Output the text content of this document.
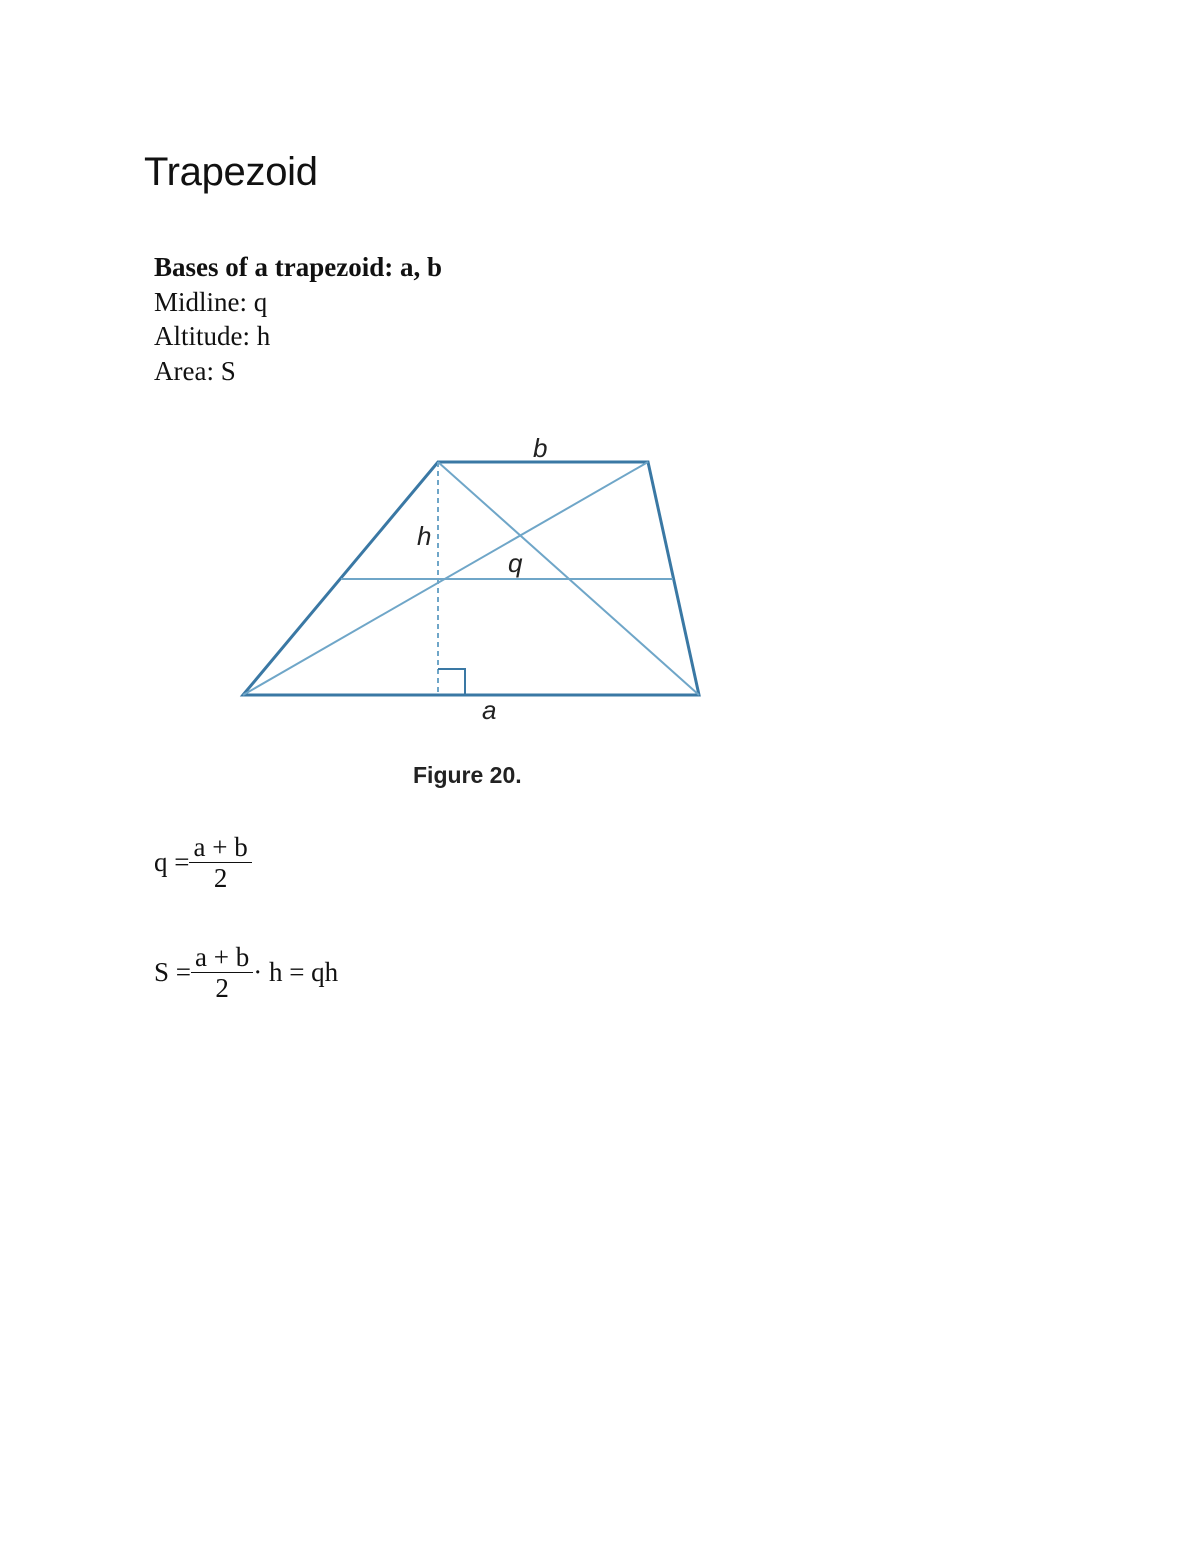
Trapezoid
Bases of a trapezoid: a, b
Midline: q
Altitude: h
Area: S
b
h
q
a
Figure 20.
$q = \frac{a + b}{2}$
$S = \frac{a + b}{2} \cdot h$ = qh
